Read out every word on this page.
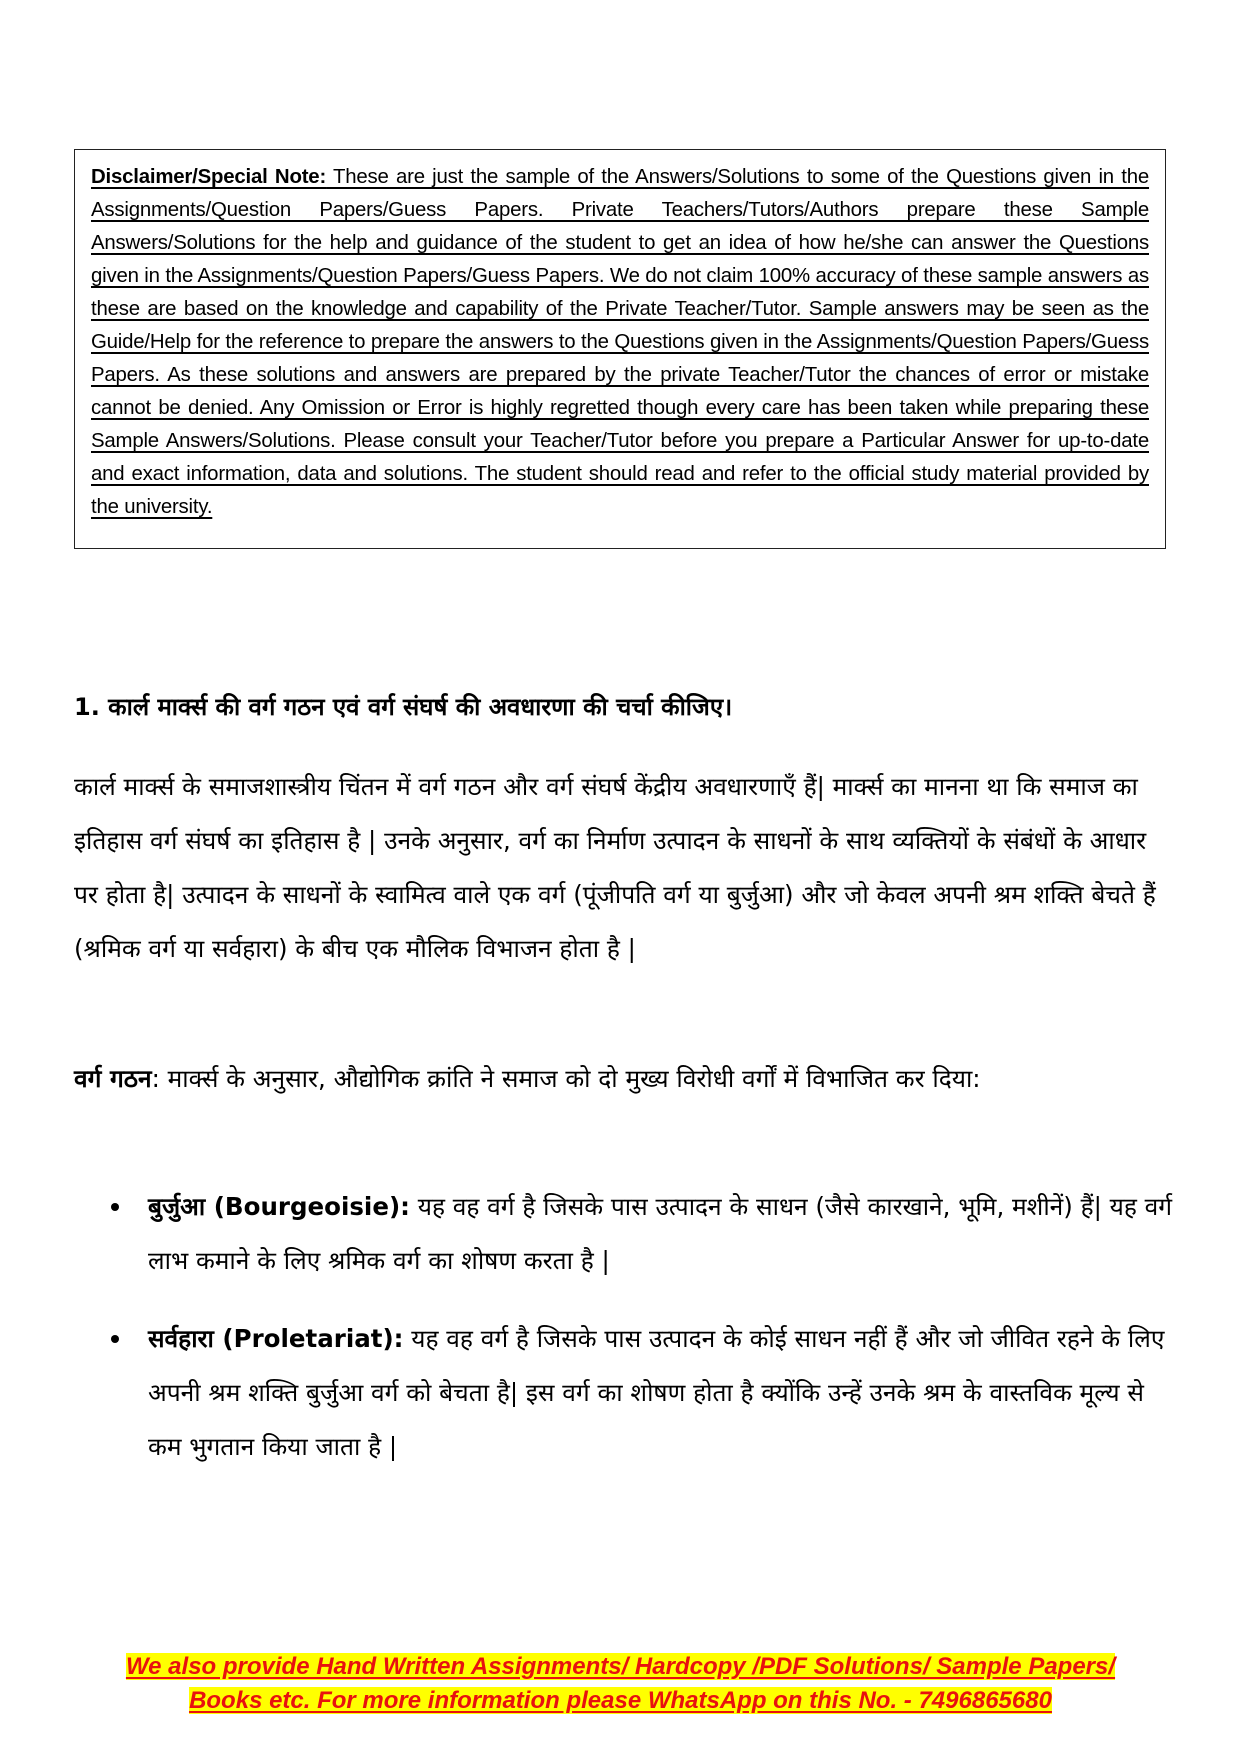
Disclaimer/Special Note: These are just the sample of the Answers/Solutions to some of the Questions given in the Assignments/Question Papers/Guess Papers. Private Teachers/Tutors/Authors prepare these Sample Answers/Solutions for the help and guidance of the student to get an idea of how he/she can answer the Questions given in the Assignments/Question Papers/Guess Papers. We do not claim 100% accuracy of these sample answers as these are based on the knowledge and capability of the Private Teacher/Tutor. Sample answers may be seen as the Guide/Help for the reference to prepare the answers to the Questions given in the Assignments/Question Papers/Guess Papers. As these solutions and answers are prepared by the private Teacher/Tutor the chances of error or mistake cannot be denied. Any Omission or Error is highly regretted though every care has been taken while preparing these Sample Answers/Solutions. Please consult your Teacher/Tutor before you prepare a Particular Answer for up-to-date and exact information, data and solutions. The student should read and refer to the official study material provided by the university.

1. कार्ल मार्क्स की वर्ग गठन एवं वर्ग संघर्ष की अवधारणा की चर्चा कीजिए।

कार्ल मार्क्स के समाजशास्त्रीय चिंतन में वर्ग गठन और वर्ग संघर्ष केंद्रीय अवधारणाएँ हैं| मार्क्स का मानना था कि समाज का इतिहास वर्ग संघर्ष का इतिहास है | उनके अनुसार, वर्ग का निर्माण उत्पादन के साधनों के साथ व्यक्तियों के संबंधों के आधार पर होता है| उत्पादन के साधनों के स्वामित्व वाले एक वर्ग (पूंजीपति वर्ग या बुर्जुआ) और जो केवल अपनी श्रम शक्ति बेचते हैं (श्रमिक वर्ग या सर्वहारा) के बीच एक मौलिक विभाजन होता है |

वर्ग गठन: मार्क्स के अनुसार, औद्योगिक क्रांति ने समाज को दो मुख्य विरोधी वर्गों में विभाजित कर दिया:

बुर्जुआ (Bourgeoisie): यह वह वर्ग है जिसके पास उत्पादन के साधन (जैसे कारखाने, भूमि, मशीनें) हैं| यह वर्ग लाभ कमाने के लिए श्रमिक वर्ग का शोषण करता है |
सर्वहारा (Proletariat): यह वह वर्ग है जिसके पास उत्पादन के कोई साधन नहीं हैं और जो जीवित रहने के लिए अपनी श्रम शक्ति बुर्जुआ वर्ग को बेचता है| इस वर्ग का शोषण होता है क्योंकि उन्हें उनके श्रम के वास्तविक मूल्य से कम भुगतान किया जाता है |
We also provide Hand Written Assignments/ Hardcopy /PDF Solutions/ Sample Papers/
Books etc. For more information please WhatsApp on this No. - 7496865680
